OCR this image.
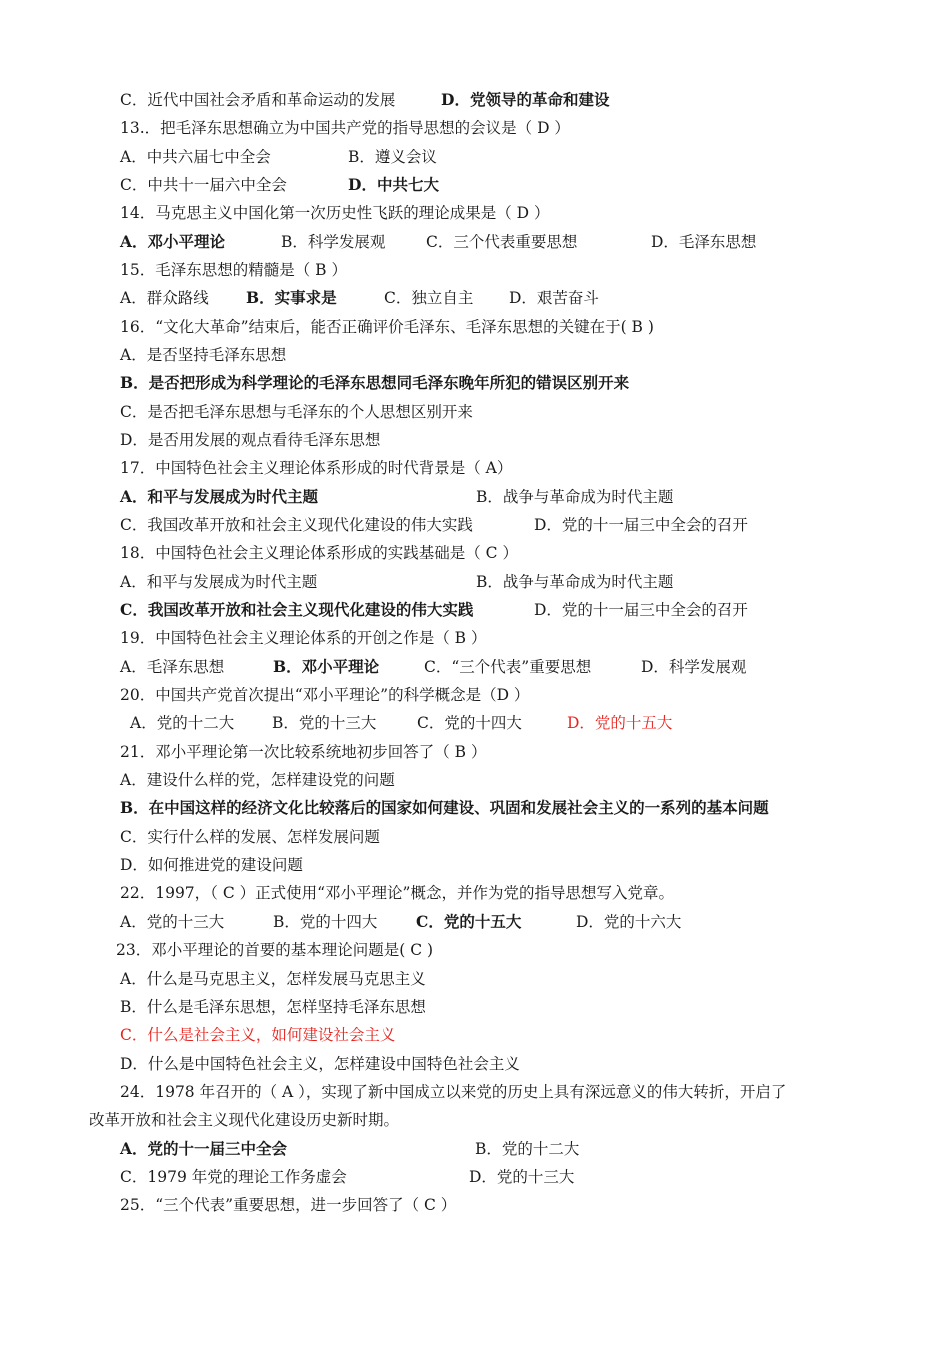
C．近代中国社会矛盾和革命运动的发展	D．党领导的革命和建设
13.．把毛泽东思想确立为中国共产党的指导思想的会议是（ D ）
A．中共六届七中全会	B．遵义会议
C．中共十一届六中全会	D．中共七大
14．马克思主义中国化第一次历史性飞跃的理论成果是（ D ）
A．邓小平理论	B．科学发展观	C．三个代表重要思想	D．毛泽东思想
15．毛泽东思想的精髓是（ B ）
A．群众路线 B．实事求是	C．独立自主 D．艰苦奋斗
16．“文化大革命”结束后，能否正确评价毛泽东、毛泽东思想的关键在于( B )
A．是否坚持毛泽东思想
B．是否把形成为科学理论的毛泽东思想同毛泽东晚年所犯的错误区别开来
C．是否把毛泽东思想与毛泽东的个人思想区别开来
D．是否用发展的观点看待毛泽东思想
17．中国特色社会主义理论体系形成的时代背景是（ A）
A．和平与发展成为时代主题	B．战争与革命成为时代主题
C．我国改革开放和社会主义现代化建设的伟大实践	D．党的十一届三中全会的召开
18．中国特色社会主义理论体系形成的实践基础是（ C ）
A．和平与发展成为时代主题	B．战争与革命成为时代主题
C．我国改革开放和社会主义现代化建设的伟大实践	D．党的十一届三中全会的召开
19．中国特色社会主义理论体系的开创之作是（ B ）
A．毛泽东思想	B．邓小平理论	C．“三个代表”重要思想	D．科学发展观
20．中国共产党首次提出“邓小平理论”的科学概念是（D ）
A．党的十二大 B．党的十三大	C．党的十四大	D．党的十五大
21．邓小平理论第一次比较系统地初步回答了（ B ）
A．建设什么样的党，怎样建设党的问题
B．在中国这样的经济文化比较落后的国家如何建设、巩固和发展社会主义的一系列的基本问题
C．实行什么样的发展、怎样发展问题
D．如何推进党的建设问题
22．1997，（ C ）正式使用“邓小平理论”概念，并作为党的指导思想写入党章。
A．党的十三大	B．党的十四大 C．党的十五大	D．党的十六大
23．邓小平理论的首要的基本理论问题是( C )
A．什么是马克思主义，怎样发展马克思主义
B．什么是毛泽东思想，怎样坚持毛泽东思想
C．什么是社会主义，如何建设社会主义
D．什么是中国特色社会主义，怎样建设中国特色社会主义
24．1978 年召开的（ A ），实现了新中国成立以来党的历史上具有深远意义的伟大转折，开启了
改革开放和社会主义现代化建设历史新时期。
A．党的十一届三中全会	B．党的十二大
C．1979 年党的理论工作务虚会	D．党的十三大
25．“三个代表”重要思想，进一步回答了（ C ）
